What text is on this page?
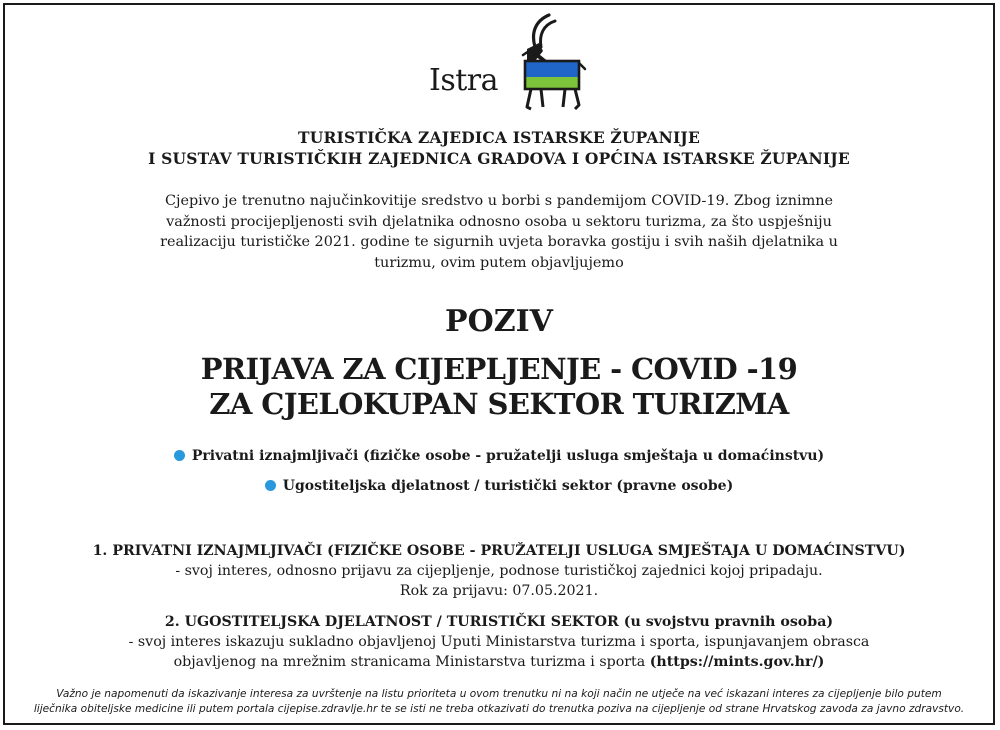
Istra
TURISTIČKA ZAJEDICA ISTARSKE ŽUPANIJE
I SUSTAV TURISTIČKIH ZAJEDNICA GRADOVA I OPĆINA ISTARSKE ŽUPANIJE
Cjepivo je trenutno najučinkovitije sredstvo u borbi s pandemijom COVID-19. Zbog iznimne
važnosti procijepljenosti svih djelatnika odnosno osoba u sektoru turizma, za što uspješniju
realizaciju turističke 2021. godine te sigurnih uvjeta boravka gostiju i svih naših djelatnika u
turizmu, ovim putem objavljujemo
POZIV
PRIJAVA ZA CIJEPLJENJE - COVID -19
ZA CJELOKUPAN SEKTOR TURIZMA
Privatni iznajmljivači (fizičke osobe - pružatelji usluga smještaja u domaćinstvu)
Ugostiteljska djelatnost / turistički sektor (pravne osobe)
1. PRIVATNI IZNAJMLJIVAČI (FIZIČKE OSOBE - PRUŽATELJI USLUGA SMJEŠTAJA U DOMAĆINSTVU)
- svoj interes, odnosno prijavu za cijepljenje, podnose turističkoj zajednici kojoj pripadaju.
Rok za prijavu: 07.05.2021.
2. UGOSTITELJSKA DJELATNOST / TURISTIČKI SEKTOR (u svojstvu pravnih osoba)
- svoj interes iskazuju sukladno objavljenoj Uputi Ministarstva turizma i sporta, ispunjavanjem obrasca
objavljenog na mrežnim stranicama Ministarstva turizma i sporta (https://mints.gov.hr/)
Važno je napomenuti da iskazivanje interesa za uvrštenje na listu prioriteta u ovom trenutku ni na koji način ne utječe na već iskazani interes za cijepljenje bilo putem
liječnika obiteljske medicine ili putem portala cijepise.zdravlje.hr te se isti ne treba otkazivati do trenutka poziva na cijepljenje od strane Hrvatskog zavoda za javno zdravstvo.
